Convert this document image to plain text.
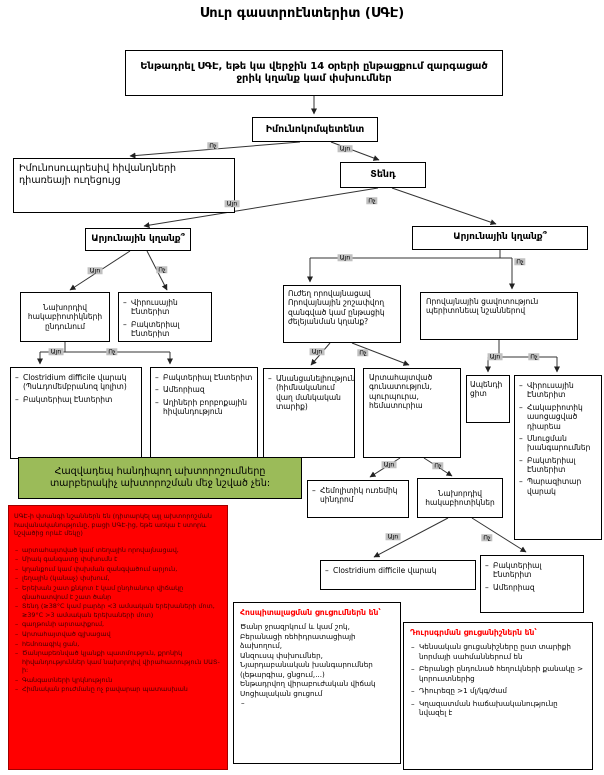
Սուր գաստրոէնտերիտ (ՍԳԷ)
Ենթադրել ՍԳԷ, եթե կա վերջին 14 օրերի ընթացքում զարգացած ջրիկ կղանք կամ փսխումներ
Իմունոկոմպետենտ
Իմունոսուպրեսիվ հիվանդների դիառեայի ուղեցույց
Տենդ
Արյունային կղանք՞	Արյունային կղանք՞
Նախորդիվ հակաբիոտիկների ընդունում
– Վիրուսային Էնտերիտ
– Բակտերիալ Էնտերիտ
Ուժեղ որովայնացավ Որովայնային շոշափվող զանգված կամ ընթացիկ ժելեյանման կղանք?
Որովայնային ցավոտություն պերիտոնեալ նշաններով
– Clostridium difficile վարակ (Պսևդոմեմբրանոզ կոլիտ)
– Բակտերիալ Էնտերիտ
– Բակտերիալ Էնտերիտ
– Ամեորիազ
– Աղիների բորբոքային հիվանդություն
– Անանցանելիություն (հիմնականում վաղ մանկական տարիք)
Արտահայտված գունատություն, պուրպուրա, հեմատուրիա
Ապենդիցիտ
– Վիրուսային Էնտերիտ
– Հակաբիոտիկ ասոցացված դիարեա
– Սնուցման խանգարումներ
– Բակտերիալ Էնտերիտ
– Պարազիտար վարակ
Հազվադեպ հանդիպող ախտորոշումները տարբերակիչ ախտորոշման մեջ նշված չեն:
– Հեմոլիտիկ ուռեմիկ սինդրոմ
Նախորդիվ հակաբիոտիկներ
– Clostridium difficile վարակ
– Բակտերիալ Էնտերիտ
– Ամեորիազ
ՍԳԷ-ի վտանգի նշաններն են (դիտարկել այլ ախտորոշման հավանականությունը, բացի ՍԳԷ-ից, եթե առկա է ստորև նշվածից որևէ մեկը)
– արտահայտված կամ տեղային որովայնացավ,
– Միակ գանգատը փսխումն է
– կղանքում կամ փսխման զանգվածում արյուն,
– լեղային (կանաչ) փսխում,
– Երեխան շատ քնկոտ է կամ ընդհանուր վիճակը գնահատվում է շատ ծանր
– Տենդ (≥38°C կամ բարձր <3 ամսական երեխաների մոտ, ≥39°C >3 ամսական երեխաների մոտ)
– գաղթունի արտափքում,
– Արտահայտված գլխացավ
– հեմոռագիկ ցան,
– Ծանրաբեռնված կյանքի պատմություն, քրոնիկ հիվանդություններ կամ նախորդիվ վիրահատություն ՍԱՏ-ի:
– Գանգատների կրկնություն
– Հիմնական բուժմանը ոչ բավարար պատասխան
Հոսպիտալացման ցուցումներն են՝
Ծանր ջրազրկում և կամ շոկ,
Բերանացի ռեհիդրատացիայի ձախողում,
Անզուսպ փսխումներ,
Նյարդաբանական խանգարումներ (լեթարգիա, ցնցում,...)
Ենթադրվող վիրաբուժական վիճակ
Սոցիալական ցուցում
Դուրսգրման ցուցանիշներն են՝
– Կենսական ցուցանիշները ըստ տարիքի նորմայի սահմաններում են
– Բերանցի ընդունած հեղուկների քանակը > կորուստներից
– Դիուրեզը >1 մլ/կգ/ժամ
– Կղազատման հաճախականությունը նվազել է
Ոչ	Այո
Այո	Ոչ
Այո	Ոչ
Այո	Ոչ
Այո	Ոչ
Այո	Ոչ	Այո	Ոչ
Այո	Ոչ
Այո	Ոչ
